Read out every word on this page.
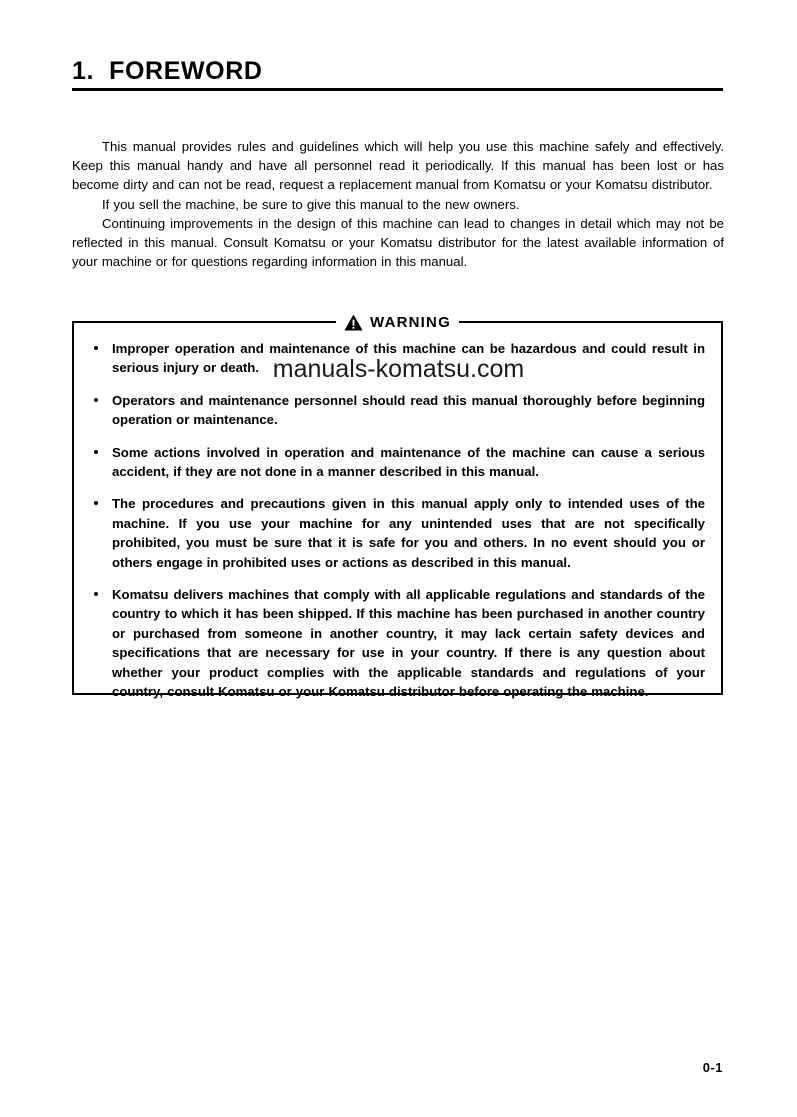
1.  FOREWORD

This manual provides rules and guidelines which will help you use this machine safely and effectively. Keep this manual handy and have all personnel read it periodically. If this manual has been lost or has become dirty and can not be read, request a replacement manual from Komatsu or your Komatsu distributor.

If you sell the machine, be sure to give this manual to the new owners.

Continuing improvements in the design of this machine can lead to changes in detail which may not be reflected in this manual. Consult Komatsu or your Komatsu distributor for the latest available information of your machine or for questions regarding information in this manual.

WARNING
Improper operation and maintenance of this machine can be hazardous and could result in serious injury or death.
Operators and maintenance personnel should read this manual thoroughly before beginning operation or maintenance.
Some actions involved in operation and maintenance of the machine can cause a serious accident, if they are not done in a manner described in this manual.
The procedures and precautions given in this manual apply only to intended uses of the machine. If you use your machine for any unintended uses that are not specifically prohibited, you must be sure that it is safe for you and others. In no event should you or others engage in prohibited uses or actions as described in this manual.
Komatsu delivers machines that comply with all applicable regulations and standards of the country to which it has been shipped. If this machine has been purchased in another country or purchased from someone in another country, it may lack certain safety devices and specifications that are necessary for use in your country. If there is any question about whether your product complies with the applicable standards and regulations of your country, consult Komatsu or your Komatsu distributor before operating the machine.
manuals-komatsu.com
0-1
